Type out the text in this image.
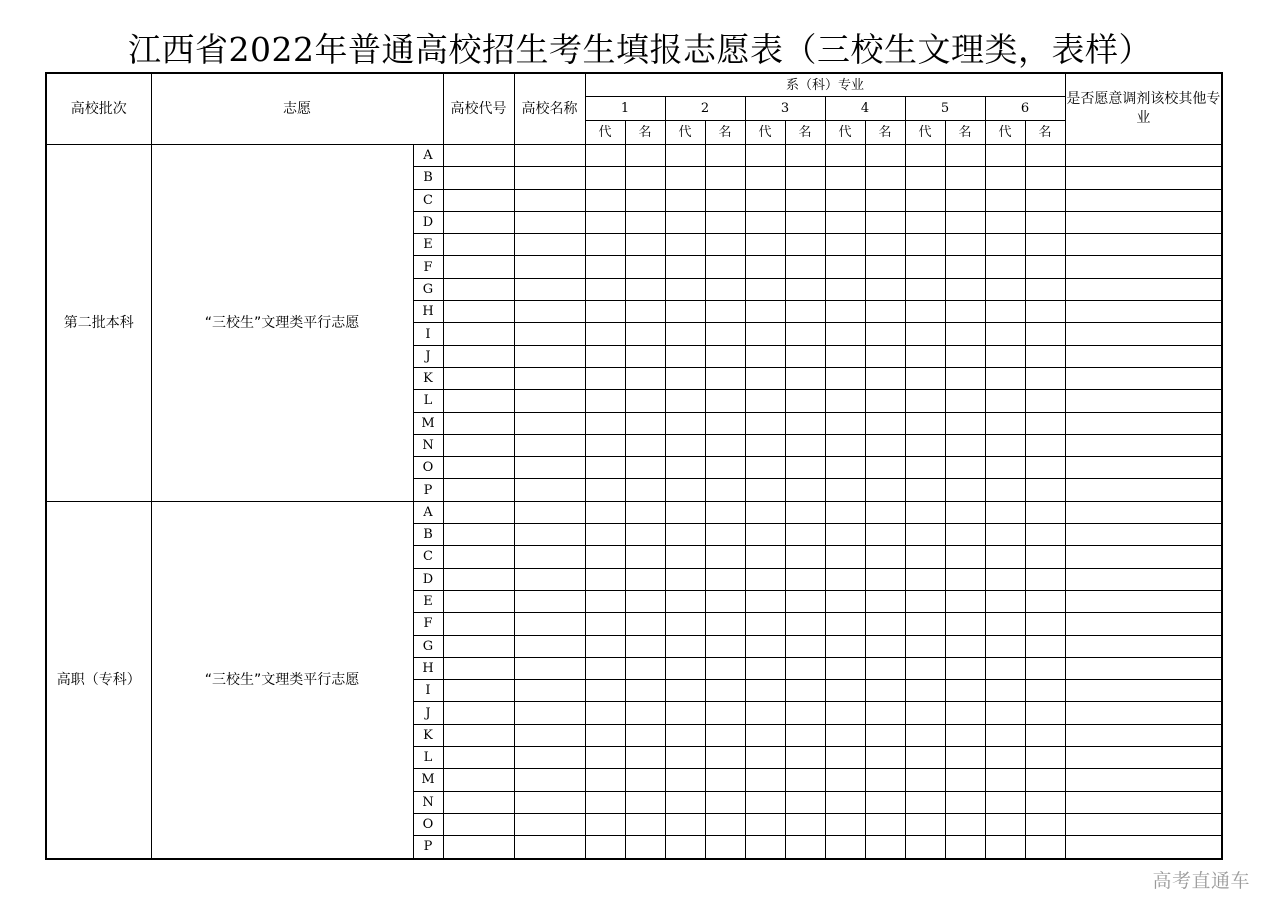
江西省2022年普通高校招生考生填报志愿表（三校生文理类，表样）
高校批次	志愿		高校代号	高校名称	系（科）专业												是否愿意调剂该校其他专业
					1		2		3		4		5		6		
					代	名	代	名	代	名	代	名	代	名	代	名	
第二批本科	“三校生”文理类平行志愿	A															
		B															
		C															
		D															
		E															
		F															
		G															
		H															
		I															
		J															
		K															
		L															
		M															
		N															
		O															
		P															
高职（专科）	“三校生”文理类平行志愿	A															
		B															
		C															
		D															
		E															
		F															
		G															
		H															
		I															
		J															
		K															
		L															
		M															
		N															
		O															
		P															
高考直通车
